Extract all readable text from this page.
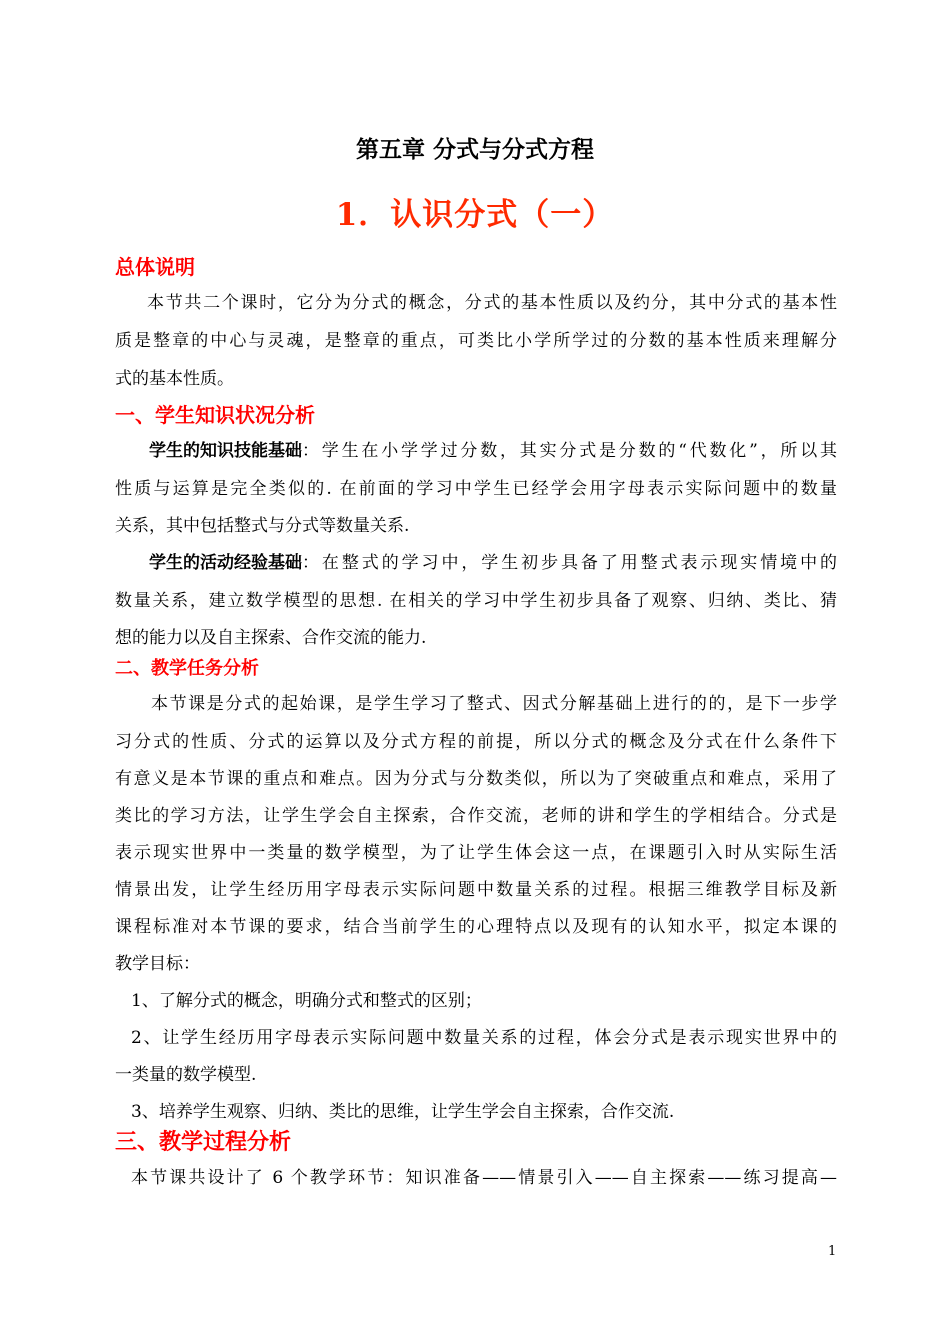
第五章 分式与分式方程
1．认识分式（一）
总体说明
本节共二个课时，它分为分式的概念，分式的基本性质以及约分，其中分式的基本性
质是整章的中心与灵魂，是整章的重点，可类比小学所学过的分数的基本性质来理解分
式的基本性质。
一、学生知识状况分析
学生的知识技能基础 ：学生在小学学过分数，其实分式是分数的“代数化”，所以其
性质与运算是完全类似的. 在前面的学习中学生已经学会用字母表示实际问题中的数量
关系，其中包括整式与分式等数量关系.
学生的活动经验基础 ：在整式的学习中，学生初步具备了用整式表示现实情境中的
数量关系，建立数学模型的思想. 在相关的学习中学生初步具备了观察、归纳、类比、猜
想的能力以及自主探索、合作交流的能力.
二、教学任务分析
本节课是分式的起始课，是学生学习了整式、因式分解基础上进行的的，是下一步学
习分式的性质、分式的运算以及分式方程的前提，所以分式的概念及分式在什么条件下
有意义是本节课的重点和难点。因为分式与分数类似，所以为了突破重点和难点，采用了
类比的学习方法，让学生学会自主探索，合作交流，老师的讲和学生的学相结合。分式是
表示现实世界中一类量的数学模型，为了让学生体会这一点，在课题引入时从实际生活
情景出发，让学生经历用字母表示实际问题中数量关系的过程。根据三维教学目标及新
课程标准对本节课的要求，结合当前学生的心理特点以及现有的认知水平，拟定本课的
教学目标：
1、了解分式的概念，明确分式和整式的区别；
2、让学生经历用字母表示实际问题中数量关系的过程，体会分式是表示现实世界中的
一类量的数学模型.
3、培养学生观察、归纳、类比的思维，让学生学会自主探索，合作交流.
三、教学过程分析
本节课共设计了 6 个教学环节：知识准备——情景引入——自主探索——练习提高—
1
